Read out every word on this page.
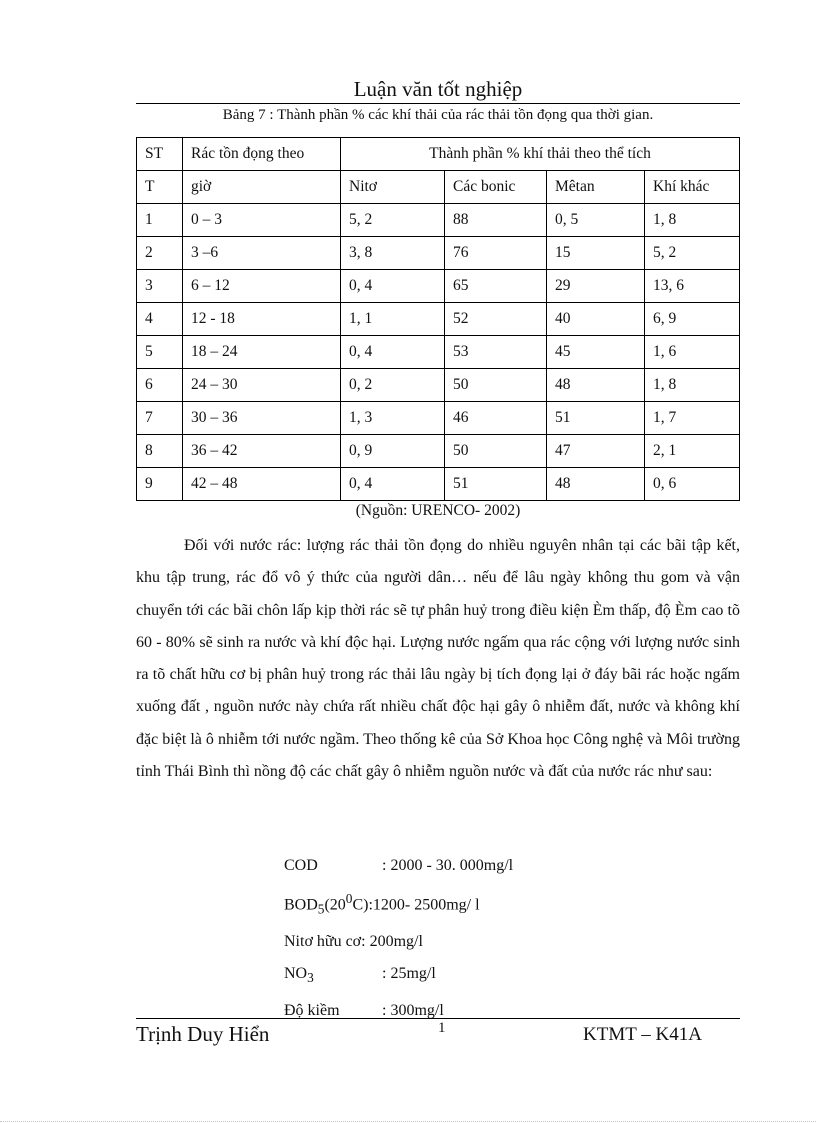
Luận văn tốt nghiệp
Bảng 7 : Thành phần % các khí thải của rác thải tồn đọng qua thời gian.
ST	Rác tồn đọng theo	Thành phần % khí thải theo thể tích			
T	giờ	Nitơ	Các bonic	Mêtan	Khí khác
1	0 – 3	5, 2	88	0, 5	1, 8
2	3 –6	3, 8	76	15	5, 2
3	6 – 12	0, 4	65	29	13, 6
4	12 - 18	1, 1	52	40	6, 9
5	18 – 24	0, 4	53	45	1, 6
6	24 – 30	0, 2	50	48	1, 8
7	30 – 36	1, 3	46	51	1, 7
8	36 – 42	0, 9	50	47	2, 1
9	42 – 48	0, 4	51	48	0, 6
(Nguồn: URENCO- 2002)

Đối với nước rác: lượng rác thải tồn đọng do nhiều nguyên nhân tại các bãi tập kết, khu tập trung, rác đổ vô ý thức của người dân… nếu để lâu ngày không thu gom và vận chuyển tới các bãi chôn lấp kịp thời rác sẽ tự phân huỷ trong điều kiện Èm thấp, độ Èm cao tõ 60 - 80% sẽ sinh ra nước và khí độc hại. Lượng nước ngấm qua rác cộng với lượng nước sinh ra tõ chất hữu cơ bị phân huỷ trong rác thải lâu ngày bị tích đọng lại ở đáy bãi rác hoặc ngấm xuống đất , nguồn nước này chứa rất nhiều chất độc hại gây ô nhiễm đất, nước và không khí đặc biệt là ô nhiễm tới nước ngầm. Theo thống kê của Sở Khoa học Công nghệ và Môi trường tỉnh Thái Bình thì nồng độ các chất gây ô nhiễm nguồn nước và đất của nước rác như sau:

COD	: 2000 - 30. 000mg/l
$BOD_5(20^0C):1200-$ 2500mg/ l
Nitơ hữu cơ: 200mg/l
$NO_3$	: 25mg/l
Độ kiềm	: 300mg/l
Trịnh Duy Hiển	1	KTMT – K41A
